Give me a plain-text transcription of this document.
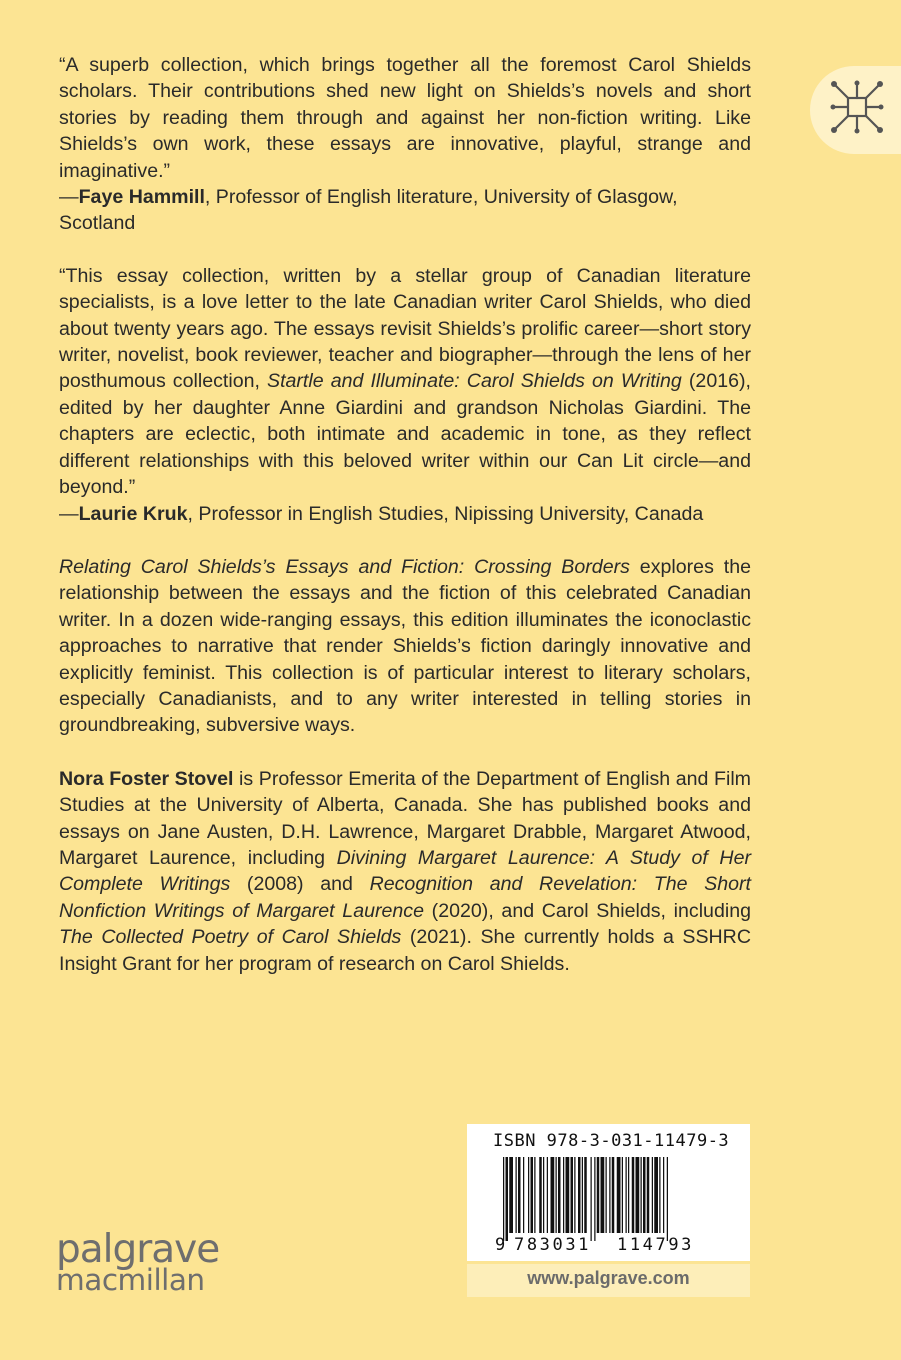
“A superb collection, which brings together all the foremost Carol Shields scholars. Their contributions shed new light on Shields’s novels and short stories by reading them through and against her non-fiction writing. Like Shields’s own work, these essays are innovative, playful, strange and imaginative.”

—Faye Hammill, Professor of English literature, University of Glasgow, Scotland

“This essay collection, written by a stellar group of Canadian literature specialists, is a love letter to the late Canadian writer Carol Shields, who died about twenty years ago. The essays revisit Shields’s prolific career—short story writer, novelist, book reviewer, teacher and biographer—through the lens of her posthumous collection, Startle and Illuminate: Carol Shields on Writing (2016), edited by her daughter Anne Giardini and grandson Nicholas Giardini. The chapters are eclectic, both intimate and academic in tone, as they reflect different relationships with this beloved writer within our Can Lit circle—and beyond.”

—Laurie Kruk, Professor in English Studies, Nipissing University, Canada

Relating Carol Shields’s Essays and Fiction: Crossing Borders explores the relationship between the essays and the fiction of this celebrated Canadian writer. In a dozen wide-ranging essays, this edition illuminates the iconoclastic approaches to narrative that render Shields’s fiction daringly innovative and explicitly feminist. This collection is of particular interest to literary scholars, especially Canadianists, and to any writer interested in telling stories in groundbreaking, subversive ways.

Nora Foster Stovel is Professor Emerita of the Department of English and Film Studies at the University of Alberta, Canada. She has published books and essays on Jane Austen, D.H. Lawrence, Margaret Drabble, Margaret Atwood, Margaret Laurence, including Divining Margaret Laurence: A Study of Her Complete Writings (2008) and Recognition and Revelation: The Short Nonfiction Writings of Margaret Laurence (2020), and Carol Shields, including The Collected Poetry of Carol Shields (2021). She currently holds a SSHRC Insight Grant for her program of research on Carol Shields.

palgrave
macmillan
ISBN 978-3-031-11479-3
9 783031 114793
www.palgrave.com
